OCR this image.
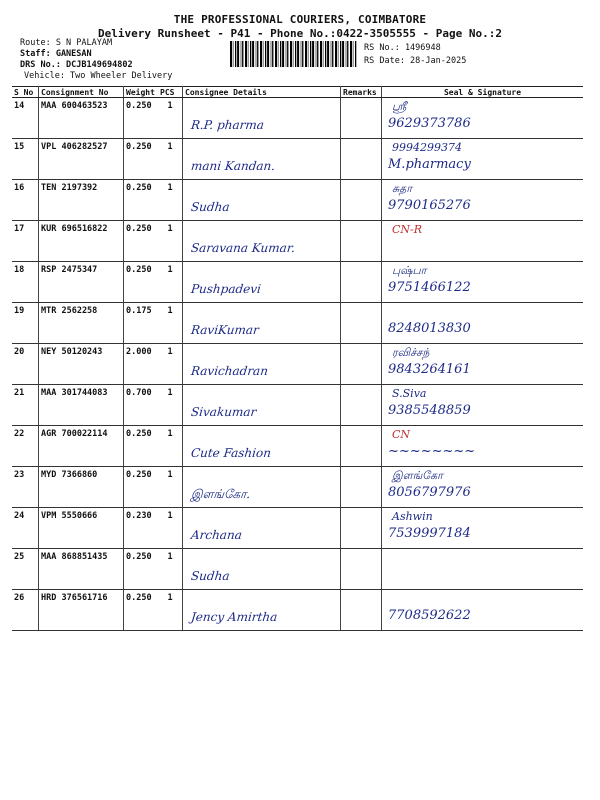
THE PROFESSIONAL COURIERS, COIMBATORE
Delivery Runsheet - P41 - Phone No.:0422-3505555 - Page No.:2
Route: S N PALAYAM
Staff: GANESAN
DRS No.: DCJB149694802
Vehicle: Two Wheeler Delivery
RS No.: 1496948
RS Date: 28-Jan-2025
S No	Consignment No	Weight	PCS	Consignee Details	Remarks	Seal & Signature
14	MAA 600463523	0.250	1	R.P. pharma		ஸ்ரீ
9629373786

15	VPL 406282527	0.250	1	mani Kandan.		9994299374
M.pharmacy

16	TEN 2197392	0.250	1	Sudha		சுதா
9790165276

17	KUR 696516822	0.250	1	Saravana Kumar.		CN-R

18	RSP 2475347	0.250	1	Pushpadevi		புஷ்பா
9751466122

19	MTR 2562258	0.175	1	RaviKumar		8248013830

20	NEY 50120243	2.000	1	Ravichadran		ரவிச்சந்
9843264161

21	MAA 301744083	0.700	1	Sivakumar		S.Siva
9385548859

22	AGR 700022114	0.250	1	Cute Fashion		CN
~~~~~~~~

23	MYD 7366860	0.250	1	இளங்கோ.		இளங்கோ
8056797976

24	VPM 5550666	0.230	1	Archana		Ashwin
7539997184

25	MAA 868851435	0.250	1	Sudha		

26	HRD 376561716	0.250	1	Jency Amirtha		7708592622
